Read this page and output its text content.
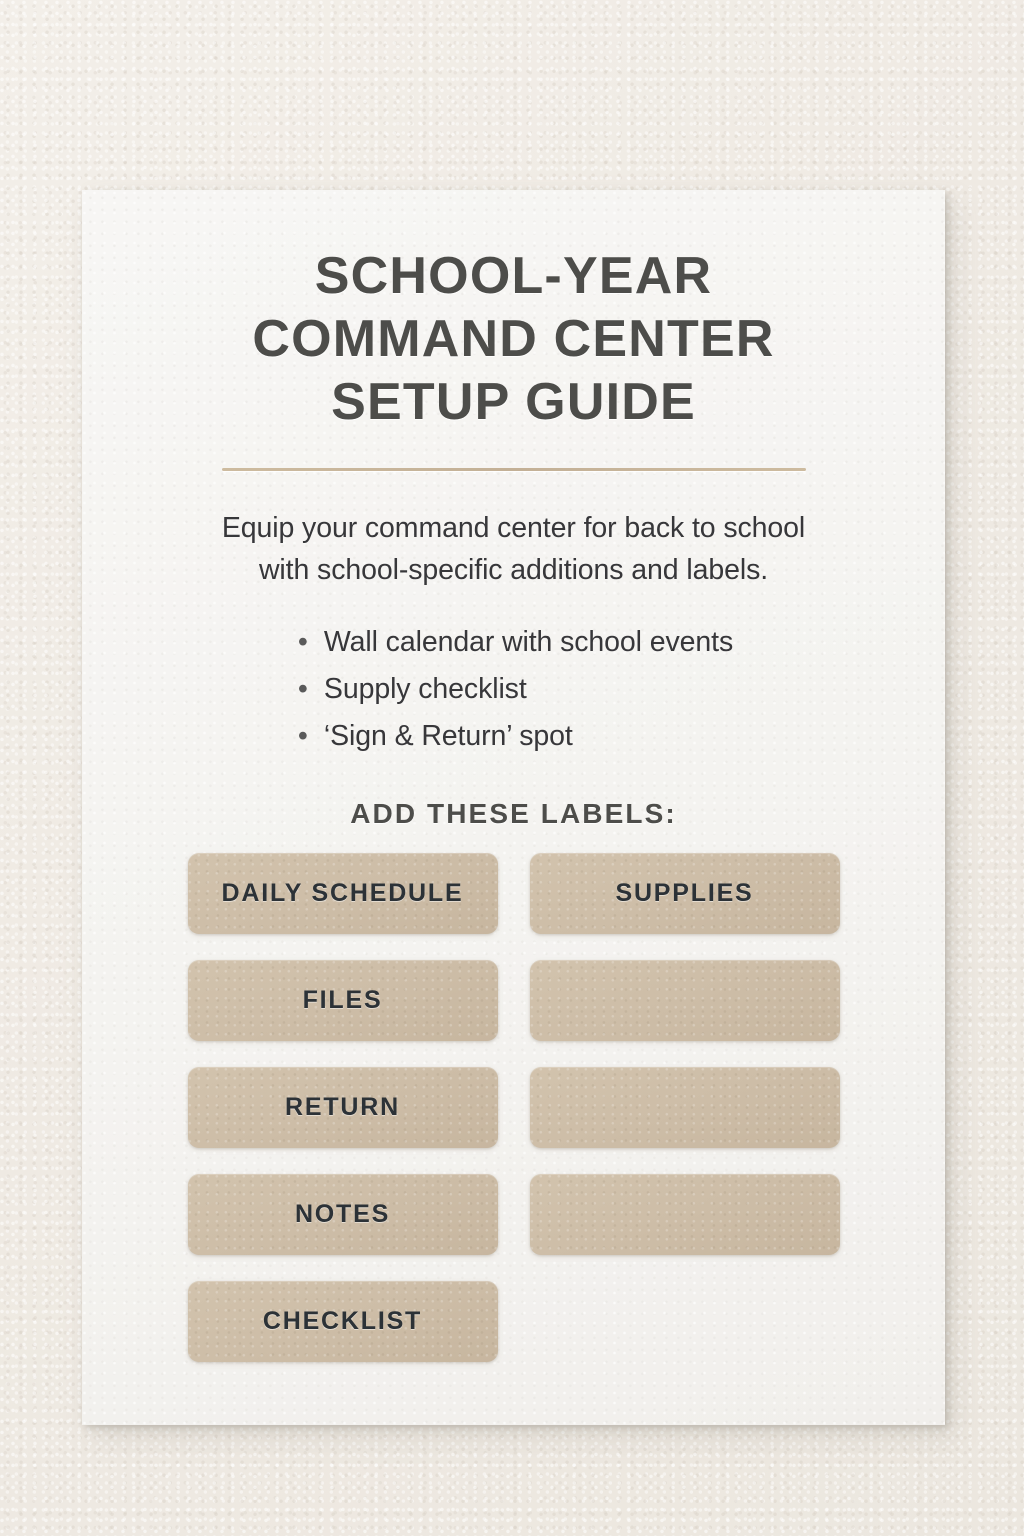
SCHOOL-YEAR
COMMAND CENTER
SETUP GUIDE
Equip your command center for back to school
with school-specific additions and labels.
• Wall calendar with school events
• Supply checklist
• ‘Sign & Return’ spot
ADD THESE LABELS:
DAILY SCHEDULE
FILES
RETURN
NOTES
CHECKLIST
SUPPLIES
